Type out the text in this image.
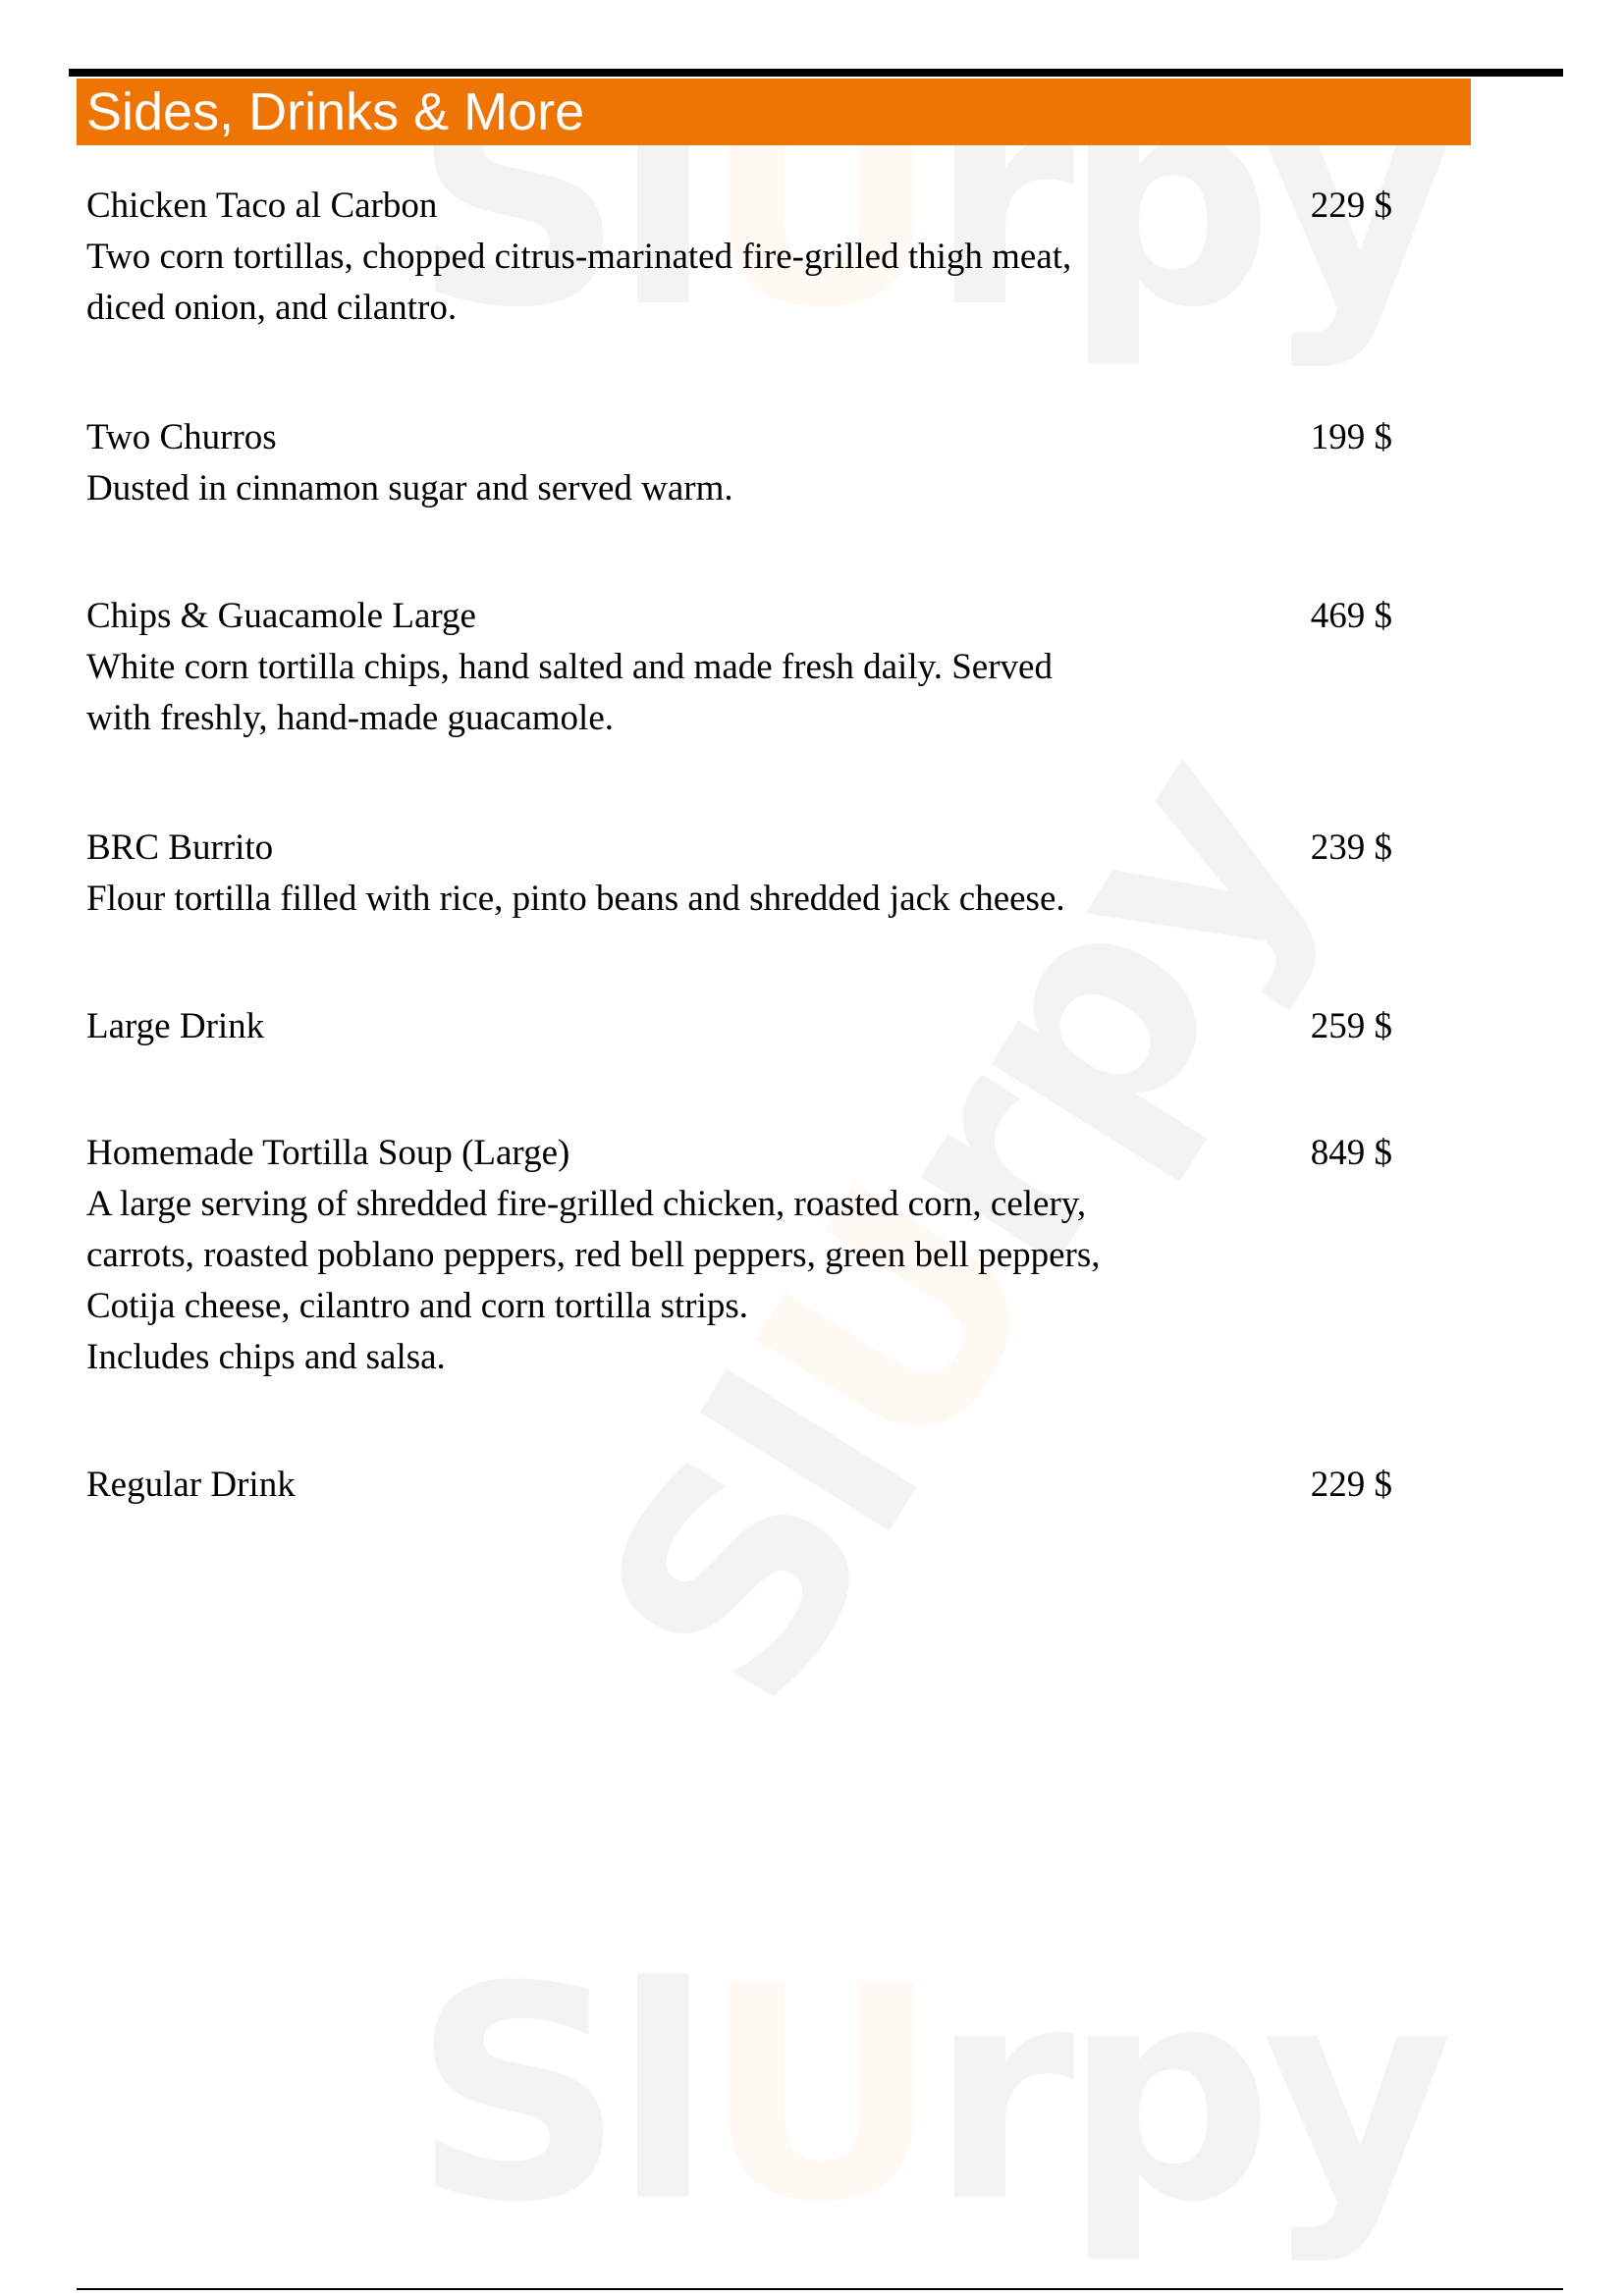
Sides, Drinks & More
Chicken Taco al Carbon
Two corn tortillas, chopped citrus-marinated fire-grilled thigh meat,
diced onion, and cilantro.
229 $
Two Churros
Dusted in cinnamon sugar and served warm.
199 $
Chips & Guacamole Large
White corn tortilla chips, hand salted and made fresh daily. Served
with freshly, hand-made guacamole.
469 $
BRC Burrito
Flour tortilla filled with rice, pinto beans and shredded jack cheese.
239 $
Large Drink	259 $
Homemade Tortilla Soup (Large)
A large serving of shredded fire-grilled chicken, roasted corn, celery,
carrots, roasted poblano peppers, red bell peppers, green bell peppers,
Cotija cheese, cilantro and corn tortilla strips.
Includes chips and salsa.
849 $
Regular Drink	229 $
